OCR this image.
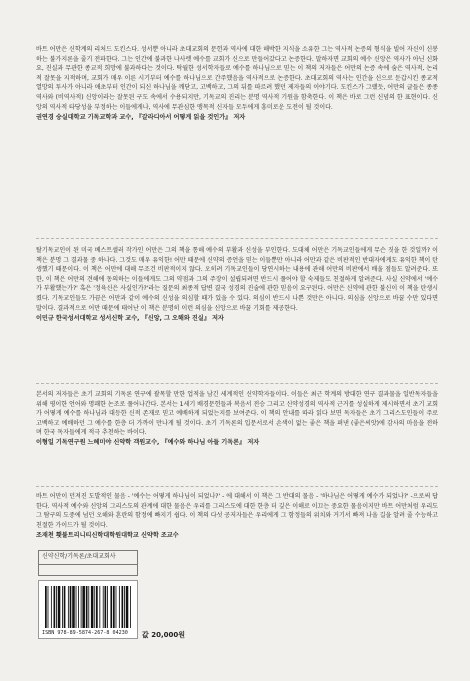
바트 어만은 신학계의 리처드 도킨스다. 성서뿐 아니라 초대교회의 문헌과 역사에 대한 해박한 지식을 소유한 그는 역사적 논증의 형식을 빌어 자신이 신봉하는 불가지론을 줄기 전파한다. 그는 인간에 불과한 나사렛 예수를 교회가 신으로 만들어갔다고 논증한다. 말하자면 교회의 예수 신앙은 역사가 아닌 신화요, 진실과 무관한 종교적 희망에 불과하다는 것이다. 탁월한 성서학자들로 예수를 하나님으로 믿는 이 책의 저자들은 어만의 논증 속에 숨은 역사적, 논리적 잘못을 지적하며, 교회가 매우 이른 시기부터 예수를 하나님으로 간주했음을 역사적으로 논증한다. 초대교회의 역사는 인간을 신으로 둔갑시킨 종교적 열망의 투사가 아니라 애초부터 인간이 되신 하나님을 깨닫고, 고백하고, 그의 뒤를 따르려 했던 제자들의 이야기다. 도킨스가 그랬듯, 어만의 글들은 종종 역사와 (비역사적) 신앙이라는 잘못된 구도 속에서 수용되지만, 기독교의 진리는 분명 역사적 기원을 함축한다. 이 책은 바로 그런 신념의 한 표현이다. 신앙의 역사적 타당성을 부정하는 이들에게나, 역사에 무관심한 맹목적 신자들 모두에게 흥미로운 도전이 될 것이다.

권연경 숭실대학교 기독교학과 교수, 『갈라디아서 어떻게 읽을 것인가』 저자

탈기독교인이 된 미국 베스트셀러 작가인 어만은 그의 책을 통해 예수의 부활과 신성을 부인한다. 도대체 어만은 기독교인들에게 무슨 짓을 한 것일까? 이 책은 분명 그 결과물 중 하나다. 그것도 매우 유익한! 어만 때문에 신약의 증언을 믿는 이들뿐만 아니라 어만과 같은 비판적인 반대자에게도 유익한 책이 탄생했기 때문이다. 이 책은 어만에 대해 무조건 비판적이지 않다. 오히려 기독교인들이 당연시하는 내용에 관해 어만의 비판에서 배울 점들도 알려준다. 또한, 이 책은 어만의 견해에 동의하는 이들에게도 그의 약점과 그의 주장이 설립되려면 반드시 풀어야 할 숙제들도 친절하게 알려준다. 사실 신약에서 '예수가 부활했는가?' 혹은 '정육신은 사실인가?'라는 질문의 최종적 답변 결국 성경의 진술에 관한 믿음이 요구된다. 어만은 신약에 관한 불신이 이 책을 탄생시켰다. 기독교인들도 가끔은 어만과 같이 예수의 신성을 의심할 때가 있을 수 있다. 의심이 반드시 나쁜 것만은 아니다. 의심을 신앙으로 바꿀 수만 있다면 말이다. 결과적으로 어만 때문에 태어난 이 책은 분명히 이런 의심을 신앙으로 바꿀 기회를 제공한다.

이민규 한국성서대학교 성서신학 교수, 『신앙, 그 오해와 진실』 저자

본서의 저자들은 초기 교회의 기독론 연구에 괄목할 만한 업적을 남긴 세계적인 신약학자들이다. 이들은 최근 학계의 방대한 연구 결과물을 일반독자들을 위해 평이한 언어와 명쾌한 논조로 풀어나간다. 본서는 1세기 배경문헌들과 복음서 전승 그리고 신약성경의 역사적 근거를 성실하게 제시하면서 초기 교회가 어떻게 예수를 하나님과 대등한 신적 존재로 믿고 예배하게 되었는지를 보여준다. 이 책의 안내를 따라 읽다 보면 독자들은 초기 그리스도인들이 주로 고백하고 예배하던 그 예수를 한층 더 가까이 만나게 될 것이다. 초기 기독론의 입문서로서 손색이 없는 좋은 책을 펴낸 (좋은씨앗)에 감사의 마음을 전하며 한국 독자들에게 적극 추천하는 바이다.

이형일 기독연구원 느헤미야 신약학 객원교수, 『예수와 하나님 아들 기독론』 저자

바트 어만이 던져진 도발적인 물음 - '예수는 어떻게 하나님이 되었나?' - 에 대해서 이 책은 그 반대의 물음 - '하나님은 어떻게 예수가 되었나?' -으로써 답한다. 역사적 예수와 신앙의 그리스도의 관계에 대한 물음은 우리를 그리스도에 대한 한층 더 깊은 이해로 이끄는 중요한 물음이지만 바트 어만처럼 우리도 그 탐구의 도중에 넘던 오해와 혼란의 함정에 빠지기 쉽다. 이 책의 다섯 공저자들은 우리에게 그 함정들의 위치와 거기서 빠져 나올 길을 알려 줄 수능하고 친절한 가이드가 될 것이다.

조재천 횃불트리니티신학대학원대학교 신약학 조교수
신약신학/기독론/초대교회사
ISBN 978-89-5874-267-8 04230	값 20,000원
